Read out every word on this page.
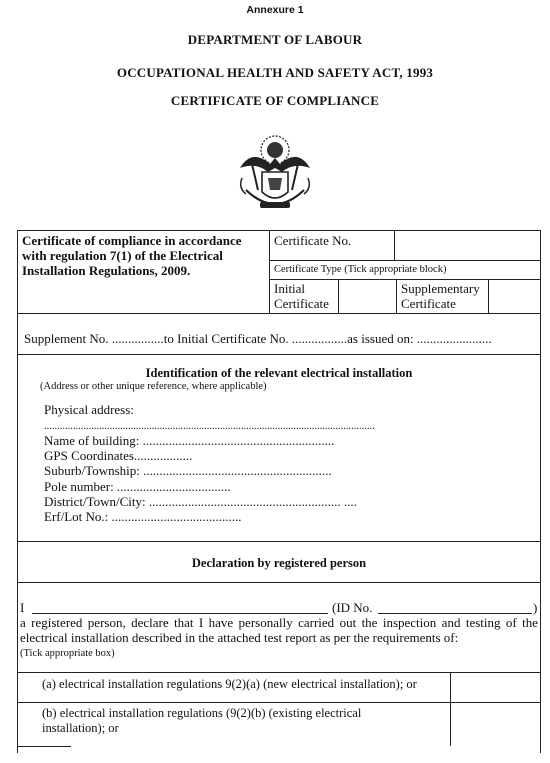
Annexure 1
DEPARTMENT OF LABOUR
OCCUPATIONAL HEALTH AND SAFETY ACT, 1993
CERTIFICATE OF COMPLIANCE
Certificate of compliance in accordance
with regulation 7(1) of the Electrical
Installation Regulations, 2009.
Certificate No.
Certificate Type (Tick appropriate block)
Initial
Certificate
Supplementary
Certificate
Supplement No. ................to Initial Certificate No. .................as issued on: .......................
Identification of the relevant electrical installation
(Address or other unique reference, where applicable)
Physical address:
..............................................................................................................................
Name of building: ...........................................................
GPS Coordinates..................
Suburb/Township: ..........................................................
Pole number: ...................................
District/Town/City: ........................................................... ....
Erf/Lot No.: ........................................
Declaration by registered person
I	(ID No.	)
a registered person, declare that I have personally carried out the inspection and testing of the
electrical installation described in the attached test report as per the requirements of:
(Tick appropriate box)
(a) electrical installation regulations 9(2)(a) (new electrical installation); or
(b) electrical installation regulations (9(2)(b) (existing electrical
installation); or
